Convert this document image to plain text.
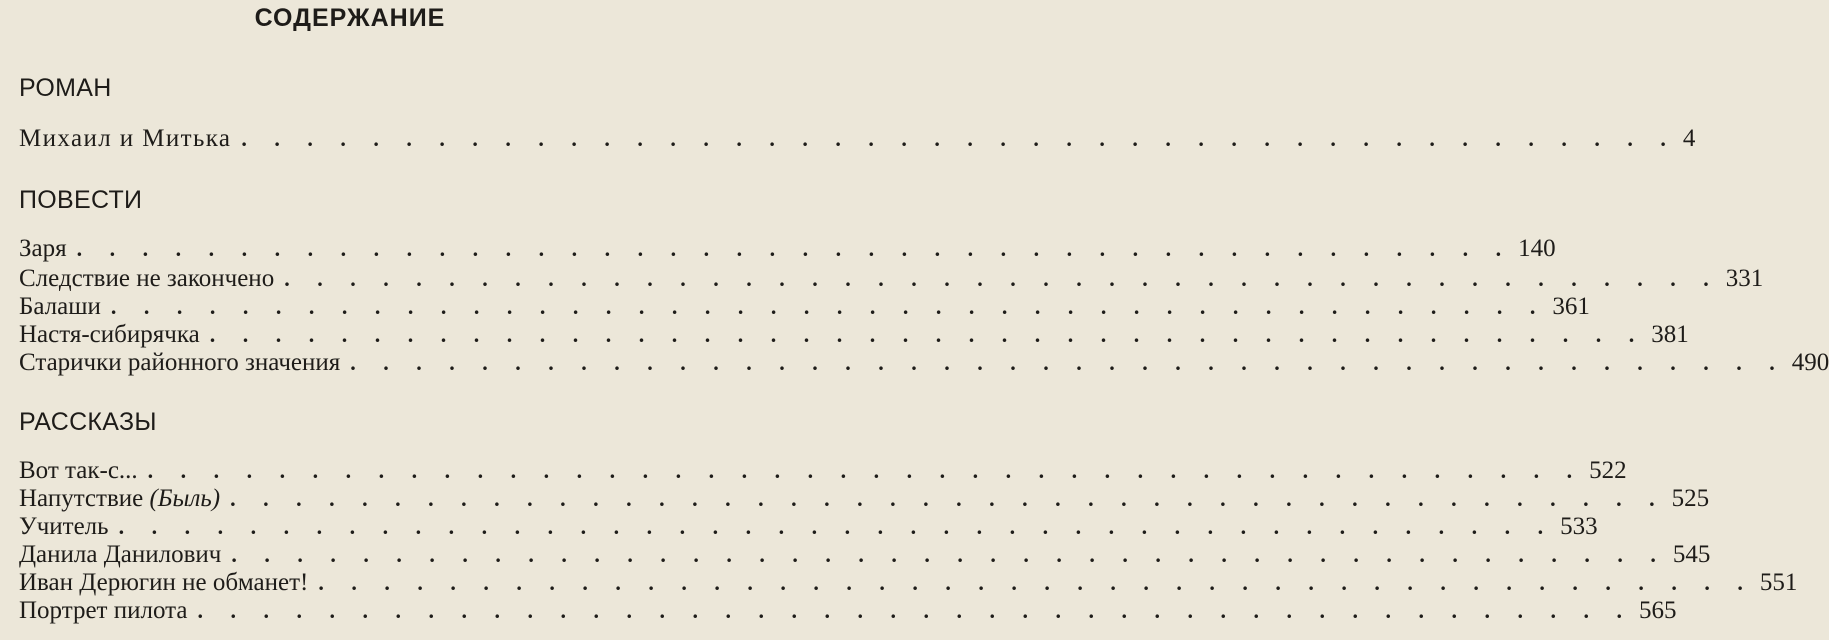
СОДЕРЖАНИЕ
РОМАН
Михаил и Митька . . . . . . . . . . . . . . . . . . . . . . . . . . . . . . . . . . . . . . . . . . . . 4
ПОВЕСТИ
Заря . . . . . . . . . . . . . . . . . . . . . . . . . . . . . . . . . . . . . . . . . . . . 140
Следствие не закончено . . . . . . . . . . . . . . . . . . . . . . . . . . . . . . . . . . . . . . . . . . . . 331
Балаши . . . . . . . . . . . . . . . . . . . . . . . . . . . . . . . . . . . . . . . . . . . . 361
Настя-сибирячка . . . . . . . . . . . . . . . . . . . . . . . . . . . . . . . . . . . . . . . . . . . . 381
Старички районного значения . . . . . . . . . . . . . . . . . . . . . . . . . . . . . . . . . . . . . . . . . . . . 490
РАССКАЗЫ
Вот так-с... . . . . . . . . . . . . . . . . . . . . . . . . . . . . . . . . . . . . . . . . . . . . 522
Напутствие (Быль) . . . . . . . . . . . . . . . . . . . . . . . . . . . . . . . . . . . . . . . . . . . . 525
Учитель . . . . . . . . . . . . . . . . . . . . . . . . . . . . . . . . . . . . . . . . . . . . 533
Данила Данилович . . . . . . . . . . . . . . . . . . . . . . . . . . . . . . . . . . . . . . . . . . . . 545
Иван Дерюгин не обманет! . . . . . . . . . . . . . . . . . . . . . . . . . . . . . . . . . . . . . . . . . . . . 551
Портрет пилота . . . . . . . . . . . . . . . . . . . . . . . . . . . . . . . . . . . . . . . . . . . . 565
